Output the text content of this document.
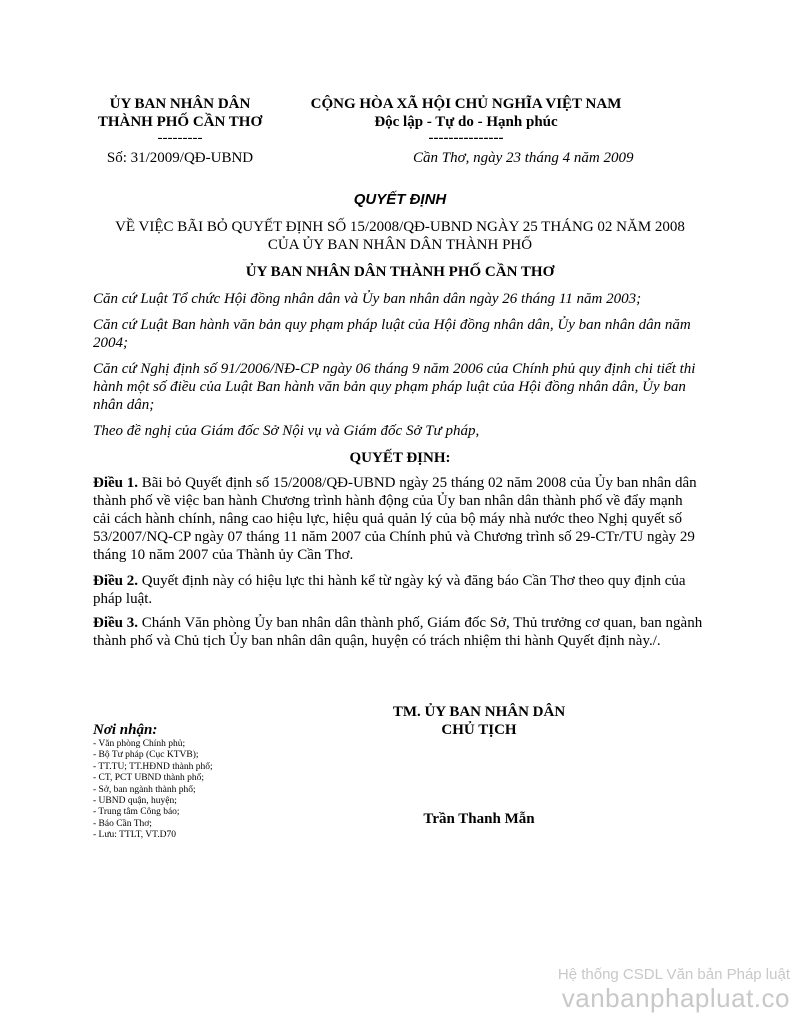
ỦY BAN NHÂN DÂN
THÀNH PHỐ CẦN THƠ
---------
Số: 31/2009/QĐ-UBND
CỘNG HÒA XÃ HỘI CHỦ NGHĨA VIỆT NAM
Độc lập - Tự do - Hạnh phúc
---------------
Cần Thơ, ngày 23 tháng 4 năm 2009
QUYẾT ĐỊNH
VỀ VIỆC BÃI BỎ QUYẾT ĐỊNH SỐ 15/2008/QĐ-UBND NGÀY 25 THÁNG 02 NĂM 2008
CỦA ỦY BAN NHÂN DÂN THÀNH PHỐ
ỦY BAN NHÂN DÂN THÀNH PHỐ CẦN THƠ
Căn cứ Luật Tổ chức Hội đồng nhân dân và Ủy ban nhân dân ngày 26 tháng 11 năm 2003;
Căn cứ Luật Ban hành văn bản quy phạm pháp luật của Hội đồng nhân dân, Ủy ban nhân dân năm 2004;
Căn cứ Nghị định số 91/2006/NĐ-CP ngày 06 tháng 9 năm 2006 của Chính phủ quy định chi tiết thi hành một số điều của Luật Ban hành văn bản quy phạm pháp luật của Hội đồng nhân dân, Ủy ban nhân dân;
Theo đề nghị của Giám đốc Sở Nội vụ và Giám đốc Sở Tư pháp,
QUYẾT ĐỊNH:
Điều 1. Bãi bỏ Quyết định số 15/2008/QĐ-UBND ngày 25 tháng 02 năm 2008 của Ủy ban nhân dân thành phố về việc ban hành Chương trình hành động của Ủy ban nhân dân thành phố về đẩy mạnh cải cách hành chính, nâng cao hiệu lực, hiệu quả quản lý của bộ máy nhà nước theo Nghị quyết số 53/2007/NQ-CP ngày 07 tháng 11 năm 2007 của Chính phủ và Chương trình số 29-CTr/TU ngày 29 tháng 10 năm 2007 của Thành ủy Cần Thơ.
Điều 2. Quyết định này có hiệu lực thi hành kể từ ngày ký và đăng báo Cần Thơ theo quy định của pháp luật.
Điều 3. Chánh Văn phòng Ủy ban nhân dân thành phố, Giám đốc Sở, Thủ trưởng cơ quan, ban ngành thành phố và Chủ tịch Ủy ban nhân dân quận, huyện có trách nhiệm thi hành Quyết định này./.
TM. ỦY BAN NHÂN DÂN
CHỦ TỊCH
Trần Thanh Mẫn
Nơi nhận:
- Văn phòng Chính phủ;
- Bộ Tư pháp (Cục KTVB);
- TT.TU; TT.HĐND thành phố;
- CT, PCT UBND thành phố;
- Sở, ban ngành thành phố;
- UBND quận, huyện;
- Trung tâm Công báo;
- Báo Cần Thơ;
- Lưu: TTLT, VT.D70
Hệ thống CSDL Văn bản Pháp luật
vanbanphapluat.co
